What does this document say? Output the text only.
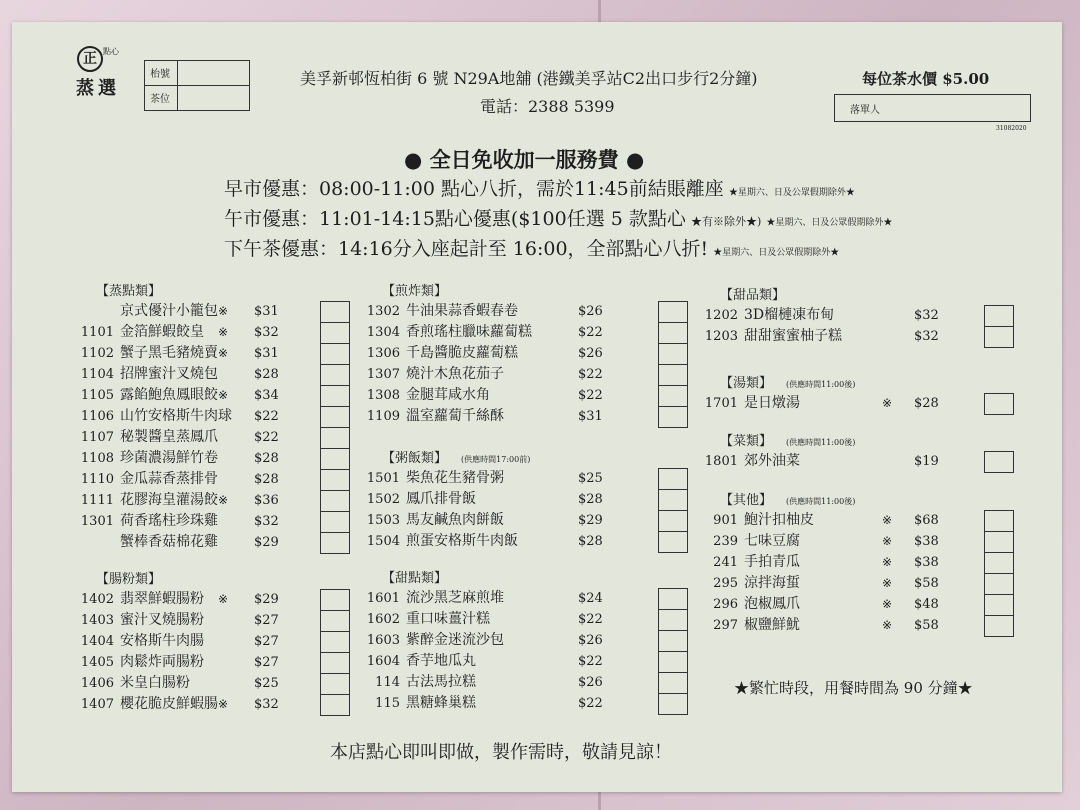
正 $^{點心}$
蒸選
枱號
茶位
美孚新邨恆柏街 6 號 N29A地舖 (港鐵美孚站C2出口步行2分鐘)
電話：2388 5399
每位茶水價 $5.00
落單人
31082020
● 全日免收加一服務費 ●
早市優惠：08:00-11:00 點心八折，需於11:45前結賬離座 ★星期六、日及公眾假期除外★
午市優惠：11:01-14:15點心優惠($100任選 5 款點心 ★有※除外★) ★星期六、日及公眾假期除外★
下午茶優惠：14:16分入座起計至 16:00，全部點心八折! ★星期六、日及公眾假期除外★
【蒸點類】
京式優汁小籠包 ※ $31
1101 金箔鮮蝦餃皇 ※ $32
1102 蟹子黑毛豬燒賣 ※ $31
1104 招牌蜜汁叉燒包	$28
1105 露餡鮑魚鳳眼餃 ※ $34
1106 山竹安格斯牛肉球 $22
1107 秘製醬皇蒸鳳爪	$22
1108 珍菌濃湯鮮竹卷	$28
1110 金瓜蒜香蒸排骨	$28
1111 花膠海皇灌湯餃 ※ $36
1301 荷香瑤柱珍珠雞	$32
蟹棒香菇棉花雞	$29
【腸粉類】
1402 翡翠鮮蝦腸粉 ※ $29
1403 蜜汁叉燒腸粉	$27
1404 安格斯牛肉腸	$27
1405 肉鬆炸両腸粉	$27
1406 米皇白腸粉	$25
1407 櫻花脆皮鮮蝦腸 ※ $32
【煎炸類】
1302 牛油果蒜香蝦春卷	$26
1304 香煎瑤柱臘味蘿蔔糕	$22
1306 千島醬脆皮蘿蔔糕	$26
1307 燒汁木魚花茄子	$22
1308 金腿茸咸水角	$22
1109 溫室蘿蔔千絲酥	$31
【粥飯類】 (供應時間17:00前)
1501 柴魚花生豬骨粥	$25
1502 鳳爪排骨飯	$28
1503 馬友鹹魚肉餅飯	$29
1504 煎蛋安格斯牛肉飯	$28
【甜點類】
1601 流沙黑芝麻煎堆	$24
1602 重口味薑汁糕	$22
1603 紫醉金迷流沙包	$26
1604 香芋地瓜丸	$22
114 古法馬拉糕	$26
115 黑糖蜂巢糕	$22
【甜品類】
1202 3D榴槤凍布甸	$32
1203 甜甜蜜蜜柚子糕	$32
【湯類】 (供應時間11:00後)
1701 是日燉湯	※ $28
【菜類】 (供應時間11:00後)
1801 郊外油菜	$19
【其他】 (供應時間11:00後)
901 鮑汁扣柚皮	※ $68
239 七味豆腐	※ $38
241 手拍青瓜	※ $38
295 涼拌海蜇	※ $58
296 泡椒鳳爪	※ $48
297 椒鹽鮮魷	※ $58
★繁忙時段，用餐時間為 90 分鐘★
本店點心即叫即做，製作需時，敬請見諒！
